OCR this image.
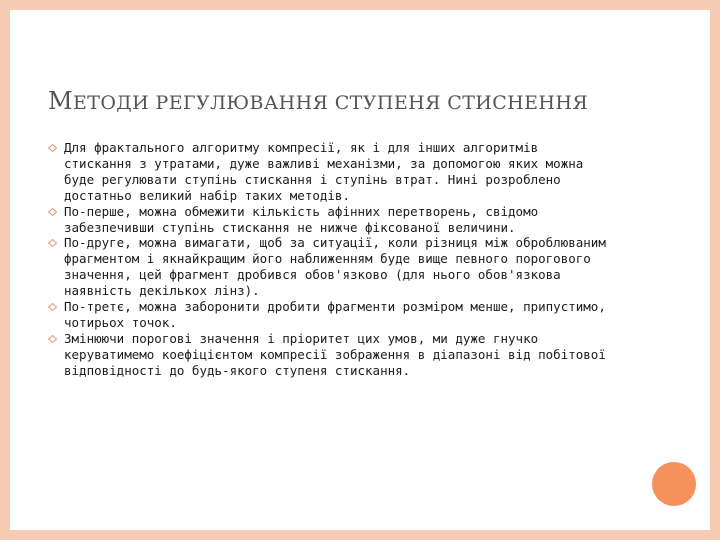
МЕТОДИ РЕГУЛЮВАННЯ СТУПЕНЯ СТИСНЕННЯ
Для фрактального алгоритму компресії, як і для інших алгоритмів стискання з утратами, дуже важливі механізми, за допомогою яких можна буде регулювати ступінь стискання і ступінь втрат. Нині розроблено достатньо великий набір таких методів.
По-перше, можна обмежити кількість афінних перетворень, свідомо забезпечивши ступінь стискання не нижче фіксованої величини.
По-друге, можна вимагати, щоб за ситуації, коли різниця між оброблюваним фрагментом і якнайкращим його наближенням буде вище певного порогового значення, цей фрагмент дробився обов'язково (для нього обов'язкова наявність декількох лінз).
По-третє, можна заборонити дробити фрагменти розміром менше, припустимо, чотирьох точок.
Змінюючи порогові значення і пріоритет цих умов, ми дуже гнучко керуватимемо коефіцієнтом компресії зображення в діапазоні від побітової відповідності до будь-якого ступеня стискання.
